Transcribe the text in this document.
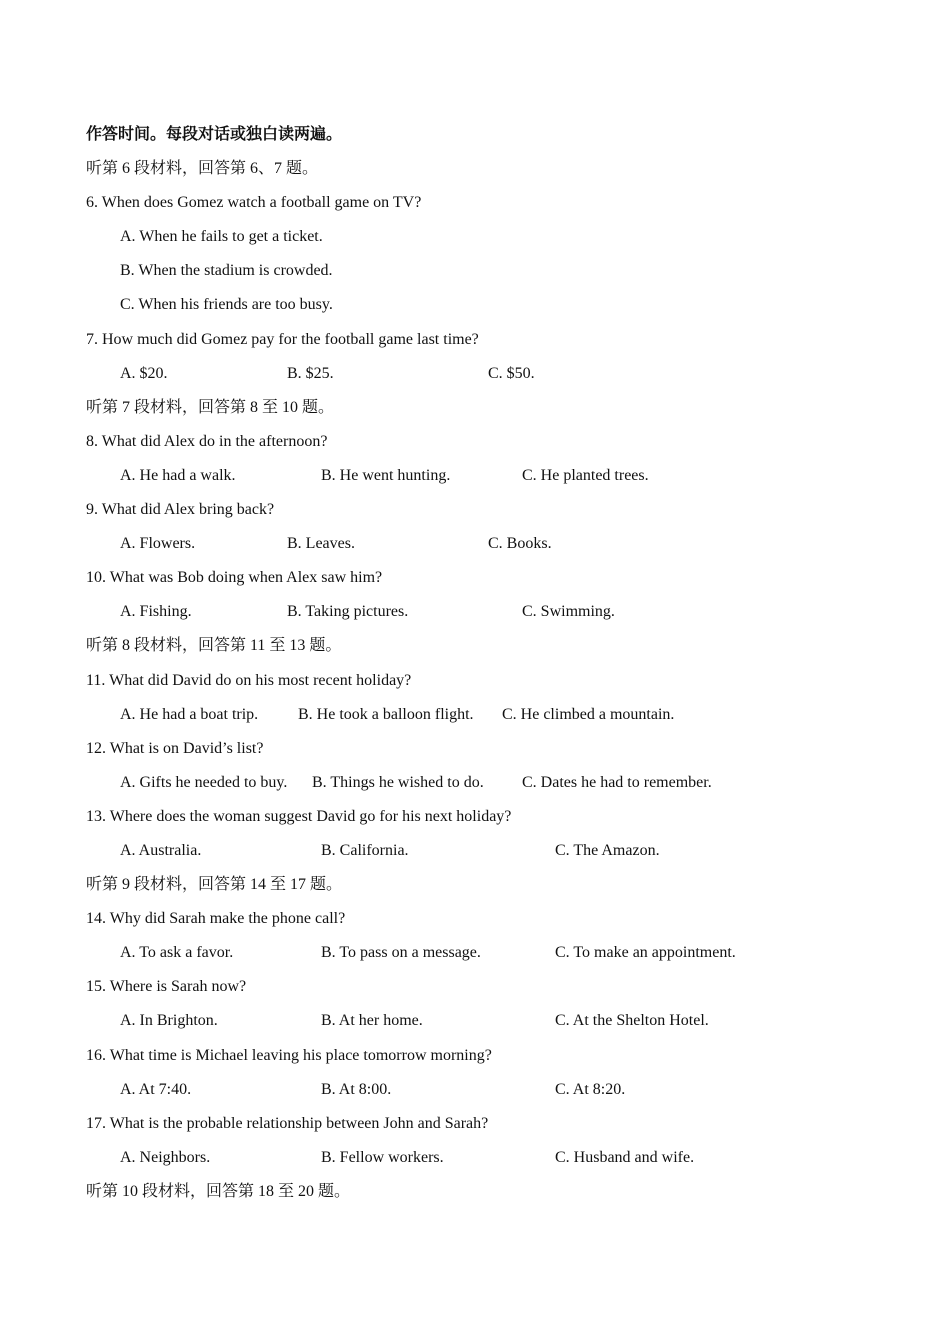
作答时间。每段对话或独白读两遍。
听第 6 段材料，回答第 6、7 题。
6. When does Gomez watch a football game on TV?
A. When he fails to get a ticket.
B. When the stadium is crowded.
C. When his friends are too busy.
7. How much did Gomez pay for the football game last time?
A. $20.	B. $25.	C. $50.
听第 7 段材料，回答第 8 至 10 题。
8. What did Alex do in the afternoon?
A. He had a walk.	B. He went hunting.	C. He planted trees.
9. What did Alex bring back?
A. Flowers.	B. Leaves.	C. Books.
10. What was Bob doing when Alex saw him?
A. Fishing.	B. Taking pictures.	C. Swimming.
听第 8 段材料，回答第 11 至 13 题。
11. What did David do on his most recent holiday?
A. He had a boat trip. B. He took a balloon flight. C. He climbed a mountain.
12. What is on David’s list?
A. Gifts he needed to buy. B. Things he wished to do. C. Dates he had to remember.
13. Where does the woman suggest David go for his next holiday?
A. Australia.	B. California.	C. The Amazon.
听第 9 段材料，回答第 14 至 17 题。
14. Why did Sarah make the phone call?
A. To ask a favor.	B. To pass on a message.	C. To make an appointment.
15. Where is Sarah now?
A. In Brighton.	B. At her home.	C. At the Shelton Hotel.
16. What time is Michael leaving his place tomorrow morning?
A. At 7:40.	B. At 8:00.	C. At 8:20.
17. What is the probable relationship between John and Sarah?
A. Neighbors.	B. Fellow workers.	C. Husband and wife.
听第 10 段材料，回答第 18 至 20 题。
